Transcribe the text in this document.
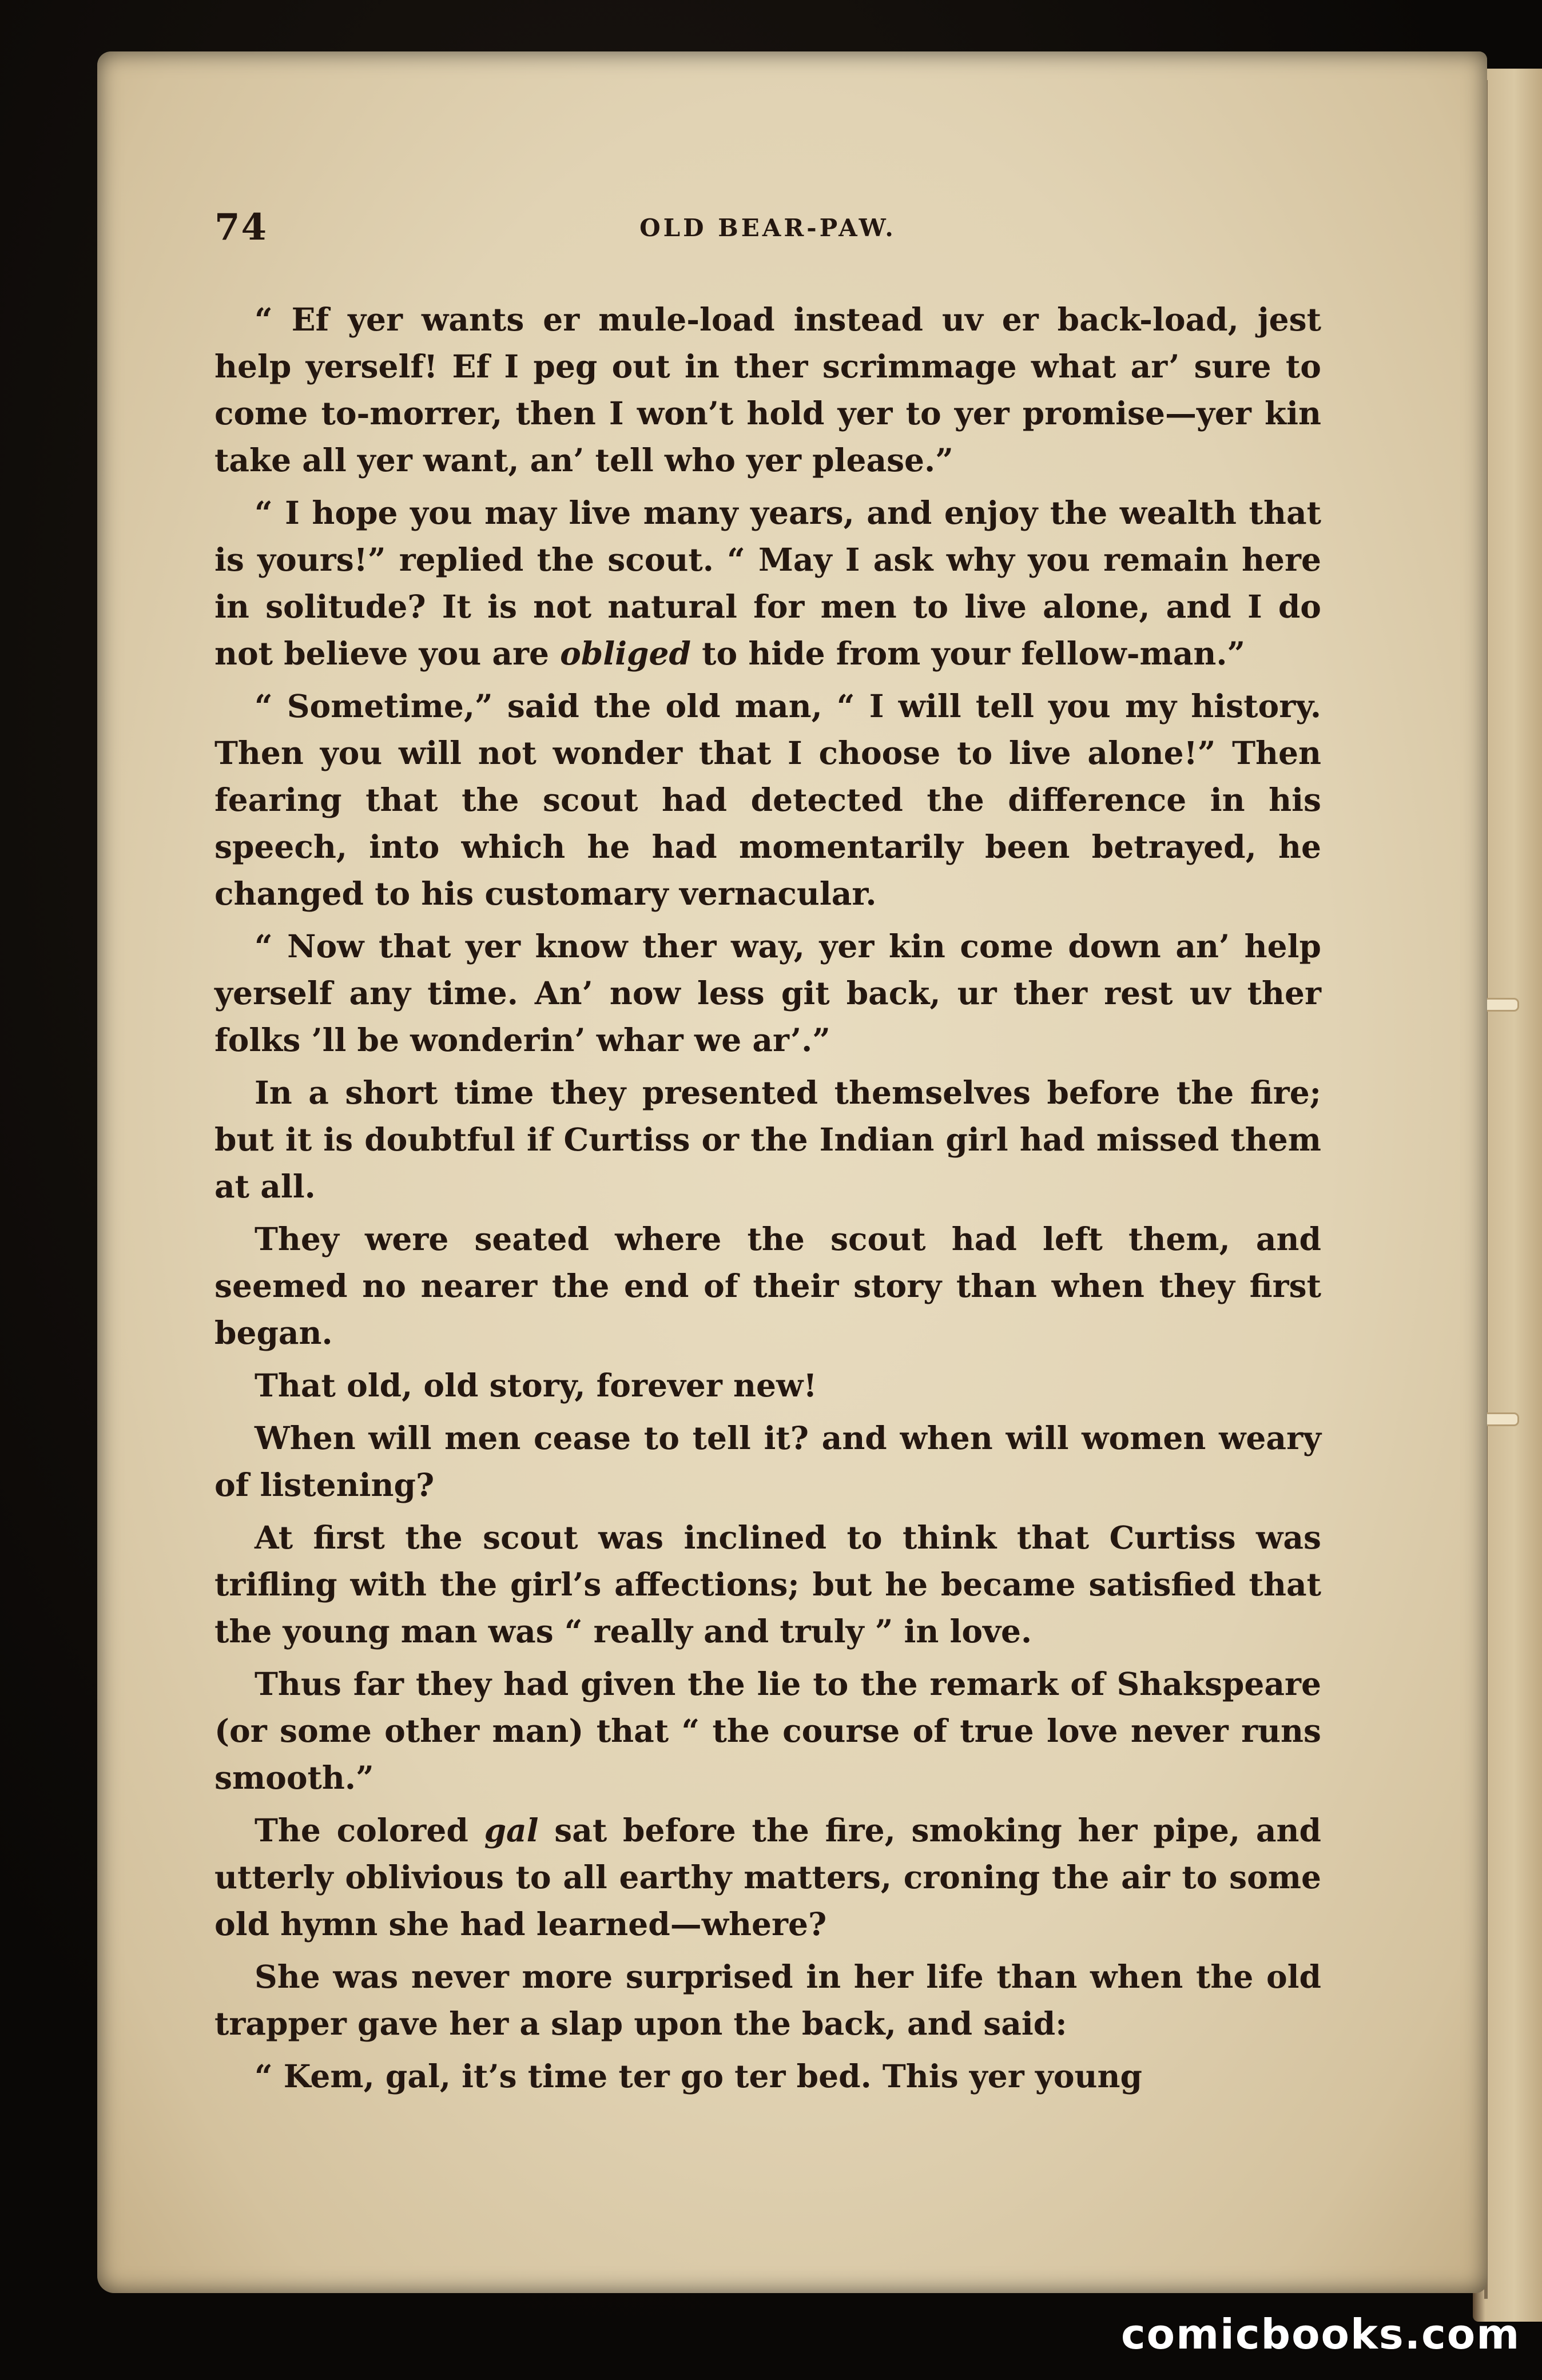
74	OLD BEAR-PAW.

“ Ef yer wants er mule-load instead uv er back-load, jest help yerself! Ef I peg out in ther scrimmage what ar’ sure to come to-morrer, then I won’t hold yer to yer promise—yer kin take all yer want, an’ tell who yer please.”

“ I hope you may live many years, and enjoy the wealth that is yours!” replied the scout. “ May I ask why you remain here in solitude? It is not natural for men to live alone, and I do not believe you are obliged to hide from your fellow-man.”

“ Sometime,” said the old man, “ I will tell you my history. Then you will not wonder that I choose to live alone!” Then fearing that the scout had detected the difference in his speech, into which he had momentarily been betrayed, he changed to his customary vernacular.

“ Now that yer know ther way, yer kin come down an’ help yerself any time. An’ now less git back, ur ther rest uv ther folks ’ll be wonderin’ whar we ar’.”

In a short time they presented themselves before the fire; but it is doubtful if Curtiss or the Indian girl had missed them at all.

They were seated where the scout had left them, and seemed no nearer the end of their story than when they first began.

That old, old story, forever new!

When will men cease to tell it? and when will women weary of listening?

At first the scout was inclined to think that Curtiss was trifling with the girl’s affections; but he became satisfied that the young man was “ really and truly ” in love.

Thus far they had given the lie to the remark of Shakspeare (or some other man) that “ the course of true love never runs smooth.”

The colored gal sat before the fire, smoking her pipe, and utterly oblivious to all earthy matters, croning the air to some old hymn she had learned—where?

She was never more surprised in her life than when the old trapper gave her a slap upon the back, and said:

“ Kem, gal, it’s time ter go ter bed. This yer young

comicbooks.com
